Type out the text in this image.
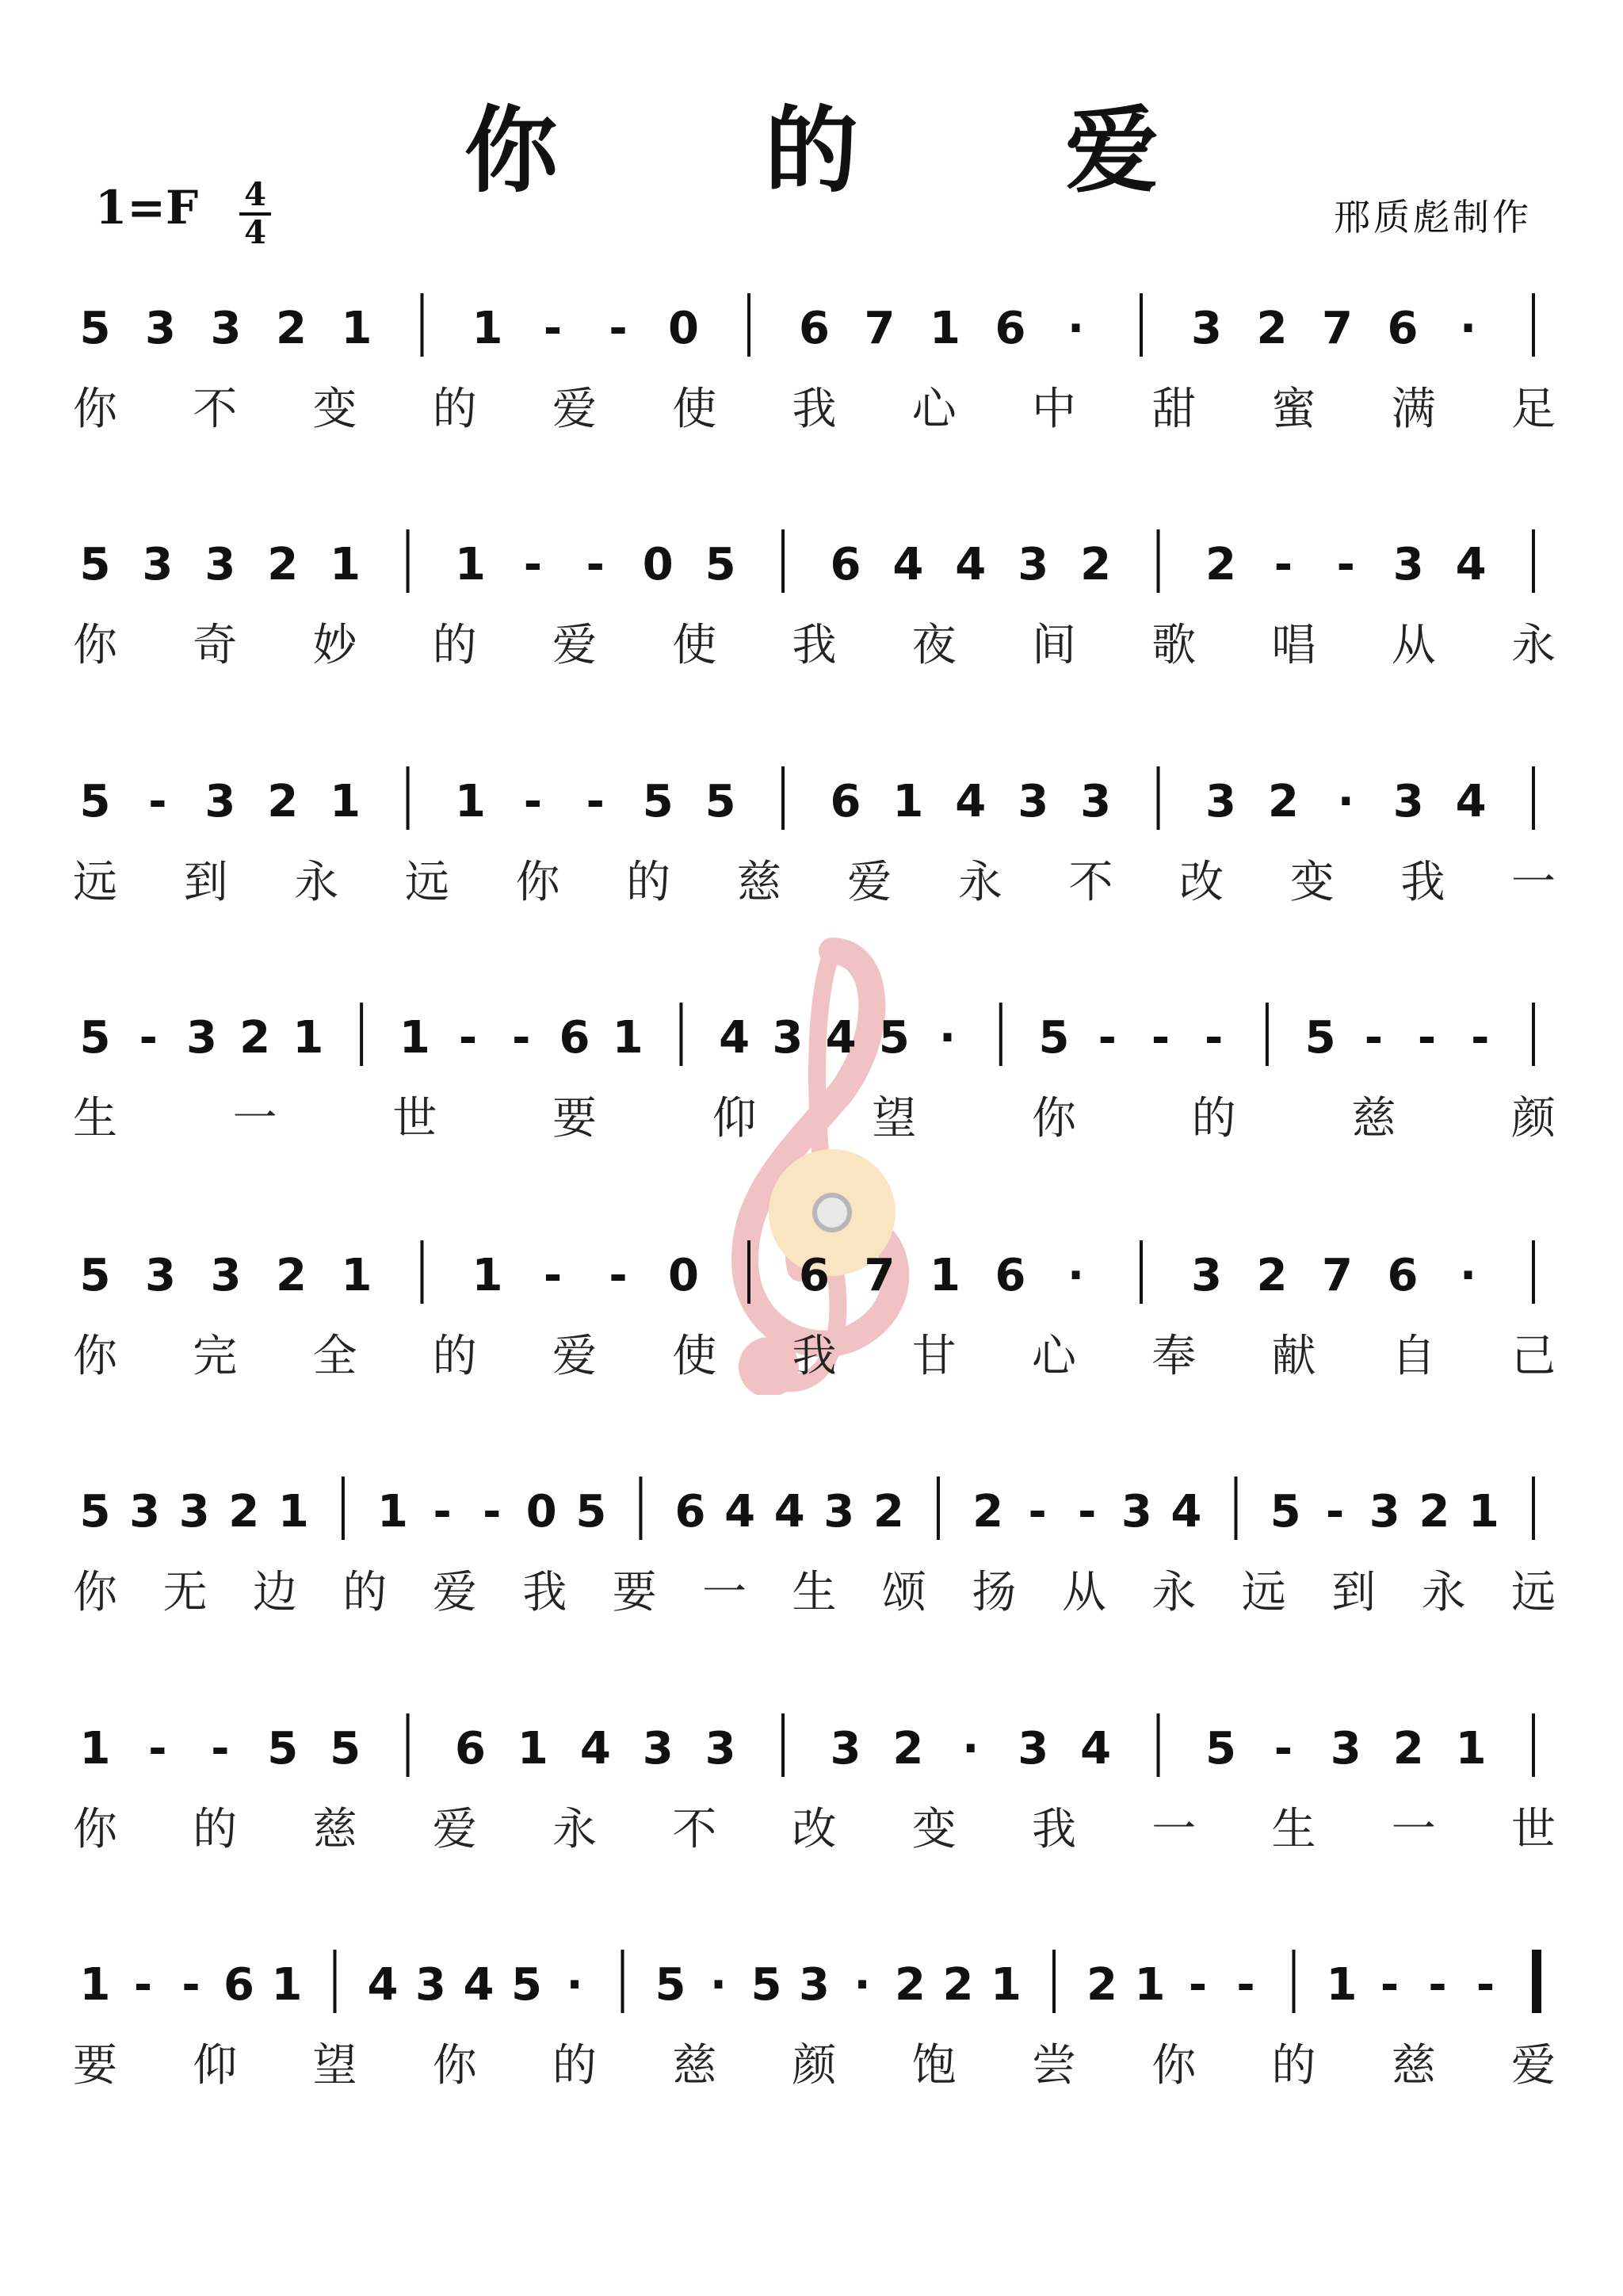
你 的 爱
1=F 4
4	邢质彪制作
5 3 3 2 1 1 - - 0 6 7 1 6 · 3 2 7 6 ·
你 不 变 的 爱 使 我 心 中 甜 蜜 满 足
5 3 3 2 1 1 - - 0 5 6 4 4 3 2 2 - - 3 4
你 奇 妙 的 爱 使 我 夜 间 歌 唱 从 永
5 - 3 2 1 1 - - 5 5 6 1 4 3 3 3 2 · 3 4
远 到 永 远 你 的 慈 爱 永 不 改 变 我 一
5 - 3 2 1 1 - - 6 1 4 3 4 5 · 5 - - - 5 - - -
生	一	世	要	仰	望	你	的	慈	颜
5 3 3 2 1 1 - - 0 6 7 1 6 · 3 2 7 6 ·
你 完 全 的 爱 使 我 甘 心 奉 献 自 己
5 3 3 2 1 1 - - 0 5 6 4 4 3 2 2 - - 3 4 5 - 3 2 1
你 无 边 的 爱 我 要 一 生 颂 扬 从 永 远 到 永 远
1 - - 5 5 6 1 4 3 3 3 2 · 3 4 5 - 3 2 1
你 的 慈 爱 永 不 改 变 我 一 生 一 世
1 - - 6 1 4 3 4 5 · 5 · 5 3 · 2 2 1 2 1 - - 1 - - -
要 仰 望 你 的 慈 颜 饱 尝 你 的 慈 爱
